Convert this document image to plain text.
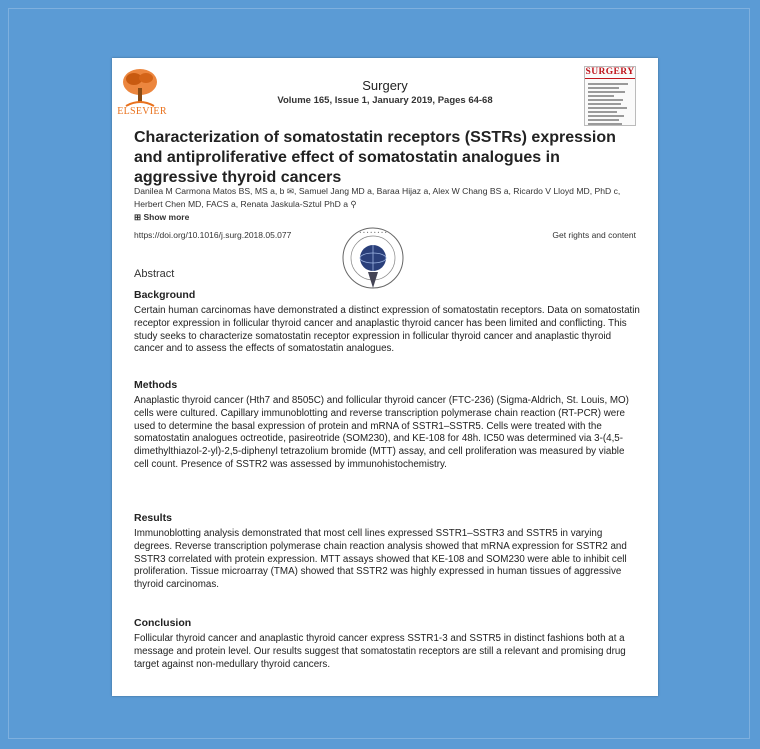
ELSEVIER
Surgery
Volume 165, Issue 1, January 2019, Pages 64-68
SURGERY
Characterization of somatostatin receptors (SSTRs) expression and antiproliferative effect of somatostatin analogues in aggressive thyroid cancers
Danilea M Carmona Matos BS, MS a, b ✉, Samuel Jang MD a, Baraa Hijaz a, Alex W Chang BS a, Ricardo V Lloyd MD, PhD c, Herbert Chen MD, FACS a, Renata Jaskula-Sztul PhD a ⚲
⊞ Show more
https://doi.org/10.1016/j.surg.2018.05.077	Get rights and content
• • • • • • • •
Abstract
Background

Certain human carcinomas have demonstrated a distinct expression of somatostatin receptors. Data on somatostatin receptor expression in follicular thyroid cancer and anaplastic thyroid cancer has been limited and conflicting. This study seeks to characterize somatostatin receptor expression in follicular thyroid cancer and anaplastic thyroid cancer and to assess the effects of somatostatin analogues.

Methods

Anaplastic thyroid cancer (Hth7 and 8505C) and follicular thyroid cancer (FTC-236) (Sigma-Aldrich, St. Louis, MO) cells were cultured. Capillary immunoblotting and reverse transcription polymerase chain reaction (RT-PCR) were used to determine the basal expression of protein and mRNA of SSTR1–SSTR5. Cells were treated with the somatostatin analogues octreotide, pasireotride (SOM230), and KE-108 for 48h. IC50 was determined via 3-(4,5-dimethylthiazol-2-yl)-2,5-diphenyl tetrazolium bromide (MTT) assay, and cell proliferation was measured by viable cell count. Presence of SSTR2 was assessed by immunohistochemistry.

Results

Immunoblotting analysis demonstrated that most cell lines expressed SSTR1–SSTR3 and SSTR5 in varying degrees. Reverse transcription polymerase chain reaction analysis showed that mRNA expression for SSTR2 and SSTR3 correlated with protein expression. MTT assays showed that KE-108 and SOM230 were able to inhibit cell proliferation. Tissue microarray (TMA) showed that SSTR2 was highly expressed in human tissues of aggressive thyroid carcinomas.

Conclusion

Follicular thyroid cancer and anaplastic thyroid cancer express SSTR1-3 and SSTR5 in distinct fashions both at a message and protein level. Our results suggest that somatostatin receptors are still a relevant and promising drug target against non-medullary thyroid cancers.
